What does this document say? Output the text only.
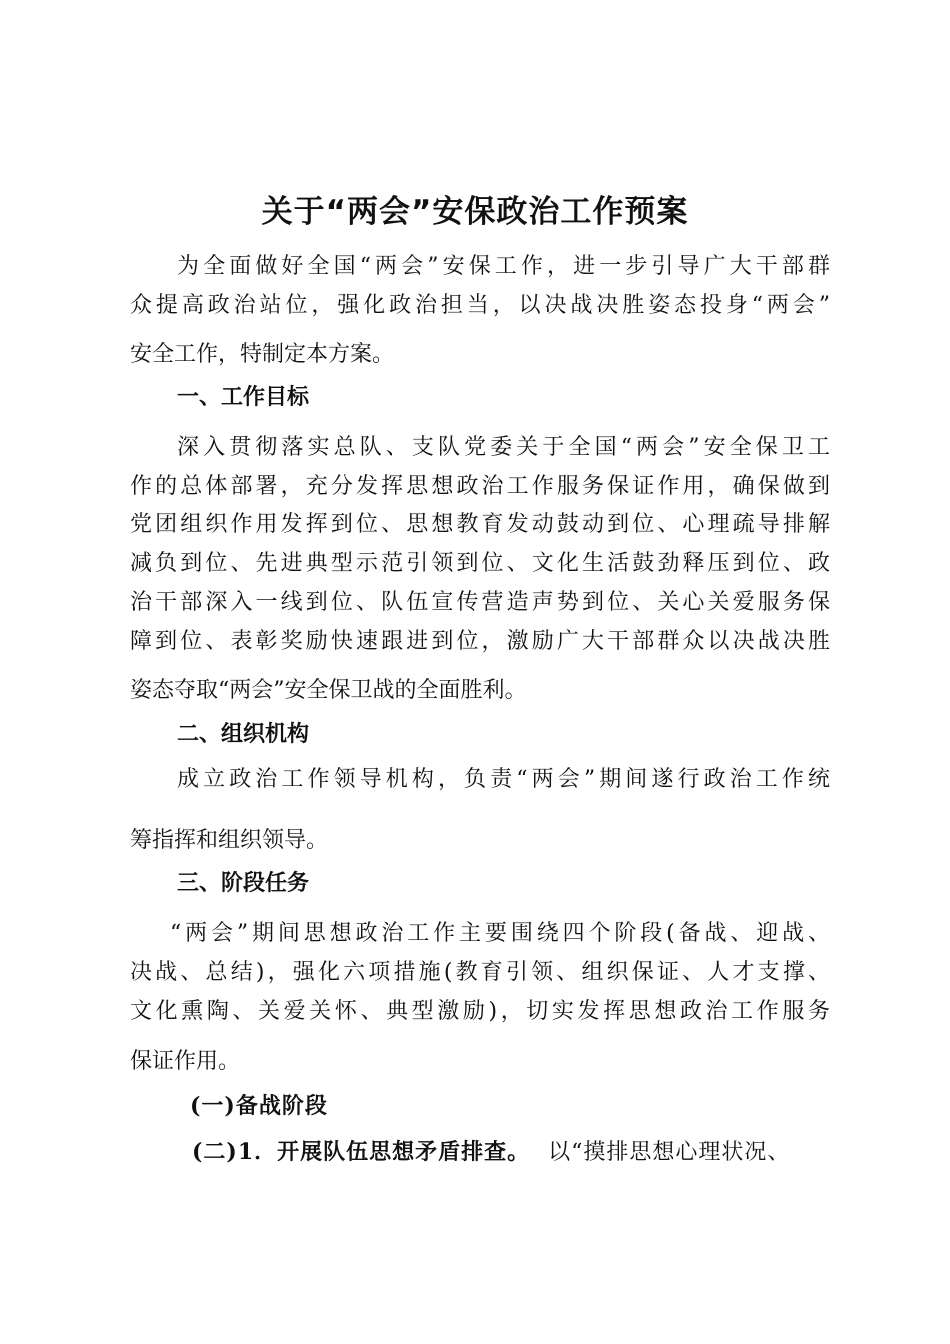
关于“两会”安保政治工作预案
为全面做好全国“两会”安保工作，进一步引导广大干部群
众提高政治站位，强化政治担当，以决战决胜姿态投身“两会”
安全工作，特制定本方案。
一、工作目标
深入贯彻落实总队、支队党委关于全国“两会”安全保卫工
作的总体部署，充分发挥思想政治工作服务保证作用，确保做到
党团组织作用发挥到位、思想教育发动鼓动到位、心理疏导排解
减负到位、先进典型示范引领到位、文化生活鼓劲释压到位、政
治干部深入一线到位、队伍宣传营造声势到位、关心关爱服务保
障到位、表彰奖励快速跟进到位，激励广大干部群众以决战决胜
姿态夺取“两会”安全保卫战的全面胜利。
二、组织机构
成立政治工作领导机构，负责“两会”期间遂行政治工作统
筹指挥和组织领导。
三、阶段任务
“两会”期间思想政治工作主要围绕四个阶段(备战、迎战、
决战、总结)，强化六项措施(教育引领、组织保证、人才支撑、
文化熏陶、关爱关怀、典型激励)，切实发挥思想政治工作服务
保证作用。
(一)备战阶段
(二)1．开展队伍思想矛盾排查。 以“摸排思想心理状况、
